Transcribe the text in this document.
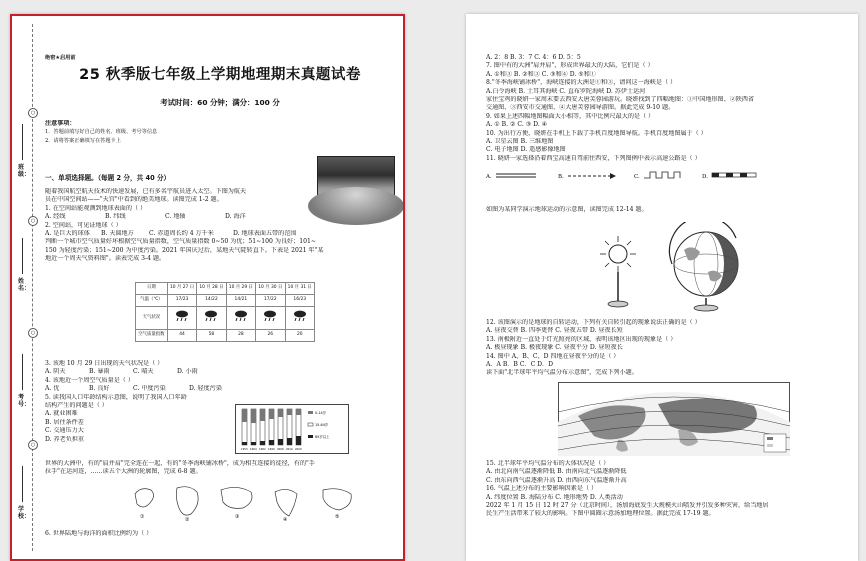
班级：
姓名：
考号：
学校：
○
○
○
○
绝密★启用前
25 秋季版七年级上学期地理期末真题试卷
考试时间：60 分钟；满分：100 分
注意事项：
1．答题前填写好自己的姓名、班级、考号等信息
2．请将答案正确填写在答题卡上
一、单项选择题。（每题 2 分，共 40 分）
随着我国航空航天技术的快速发展，已有多名宇航员进入太空。下图为航天
员在中国空间站——"天宫"中看到的绝美地球。读图完成 1-2 题。
1. 在空间站能观测到地球表面的（ ）
A. 经线	B. 纬线	C. 地轴	D. 海洋
2. 空间站，可见证地球（ ）
A. 是巨大的球体 B. 天圆地方	C. 赤道周长约 4 万千米	D. 地球表面五带的范围
判断一个城市空气质量好坏根据空气质量指数，空气质量指数 0~50 为优；51~100 为良好；101~
150 为轻度污染；151~200 为中度污染。2021 年国庆过后，某地天气陡转直下。下表是 2021 年"某
地近一个周天气资料图"。读表完成 3-4 题。
日期	10 月 27 日	10 月 28 日	10 月 29 日	10 月 30 日	10 月 31 日
气温（℃）	17/23	14/22	14/21	17/22	16/23
天气状况					
空气质量指数	44	58	28	26	20
3. 该地 10 月 29 日出现的天气状况是（ ）
A. 阴天	B. 暴雨	C. 晴天	D. 小雨
4. 该地近一个周空气质量是（ ）
A. 优	B. 良好	C. 中度污染	D. 轻度污染
5. 读我国人口年龄结构示意图，说明了我国人口年龄
结构产生的问题是（ ）
A. 就业困难
B. 居住条件差
C. 交通压力大
D. 养老负担重
0-14岁
15-64岁
65岁以上
1953 1964 1982 1990 2000 2010 2020
世界的大洲中，有的"肩并肩"完全连在一起，有的"冬季海峡铺冰桥"，成为相互连接的徒径，有的"手
拉手"在运河连，……读五个大洲的轮廓图，完成 6-8 题。
①	②	③	④	⑤
6. 世界陆地与海洋的面积比例约为（ ）
A. 2：8 B. 3：7 C. 4：6 D. 5：5
7. 图中有的大洲"肩并肩"，形成世界最大的大陆，它们是（ ）
A. ①和③ B. ②和③ C. ③和④ D. ⑤和①
8."冬季海峡铺冰桥"，海峡连接的大洲是①和③，请问这一海峡是（ ）
A.白令海峡 B. 土耳其海峡 C. 直布罗陀海峡 D. 苏伊士运河
家住宝鸡的晓妍一家周末要去西安大唐芙蓉园游玩。晓妍找到了四幅地图：①中国地形图、②陕西省
交通图、③西安市交通图、④大唐芙蓉园导游图。据此完成 9-10 题。
9. 如果上述四幅地图幅面大小相等，其中比例尺最大的是（ ）
A. ① B. ② C. ③ D. ④
10. 为出行方便，晓妍在手机上下载了手机百度地图导航。手机百度地图属于（ ）
A. 卫星云图 B. 三维地图
C. 电子地图 D. 遥感影像地图
11. 晓妍一家选择沿着西宝高速自驾前往西安，下列图例中表示高速公路是（ ）
A.	B.	C.	D.
如图为某同学演示地球运动的示意图，读图完成 12-14 题。
12. 该图演示的是地球的自转运动，下列有关自转引起的现象说法正确的是（ ）
A. 昼夜交替 B. 四季更替 C. 昼夜五带 D. 昼夜长短
13. 南极附近一直处于灯光照亮的区域，表明该地区出现的现象是（ ）
A. 极昼现象 B. 极夜现象 C. 昼夜平分 D. 昼短夜长
14. 图中 A、B、C、D 四地在昼夜平分的是（ ）
A．A B．B C．C D．D
读下面"北半球年平均气温分布示意图"，完成下列小题。
15. 北半球年平均气温分布的大体状况是（ ）
A. 由北向南气温逐渐降低 B. 由南向北气温逐渐降低
C. 由东向西气温逐渐升高 D. 由西向东气温逐渐升高
16. 气温上述分布的主要影响因素是（ ）
A. 纬度位置 B. 海陆分布 C. 地形地势 D. 人类活动
2022 年 1 月 15 日 12 时 27 分（北京时间），汤加海底发生大规模火山喷发并引发多种灾害，给当地居
民生产生活带来了较大的影响。下图中圆圈示意汤加地理位置。据此完成 17-19 题。
